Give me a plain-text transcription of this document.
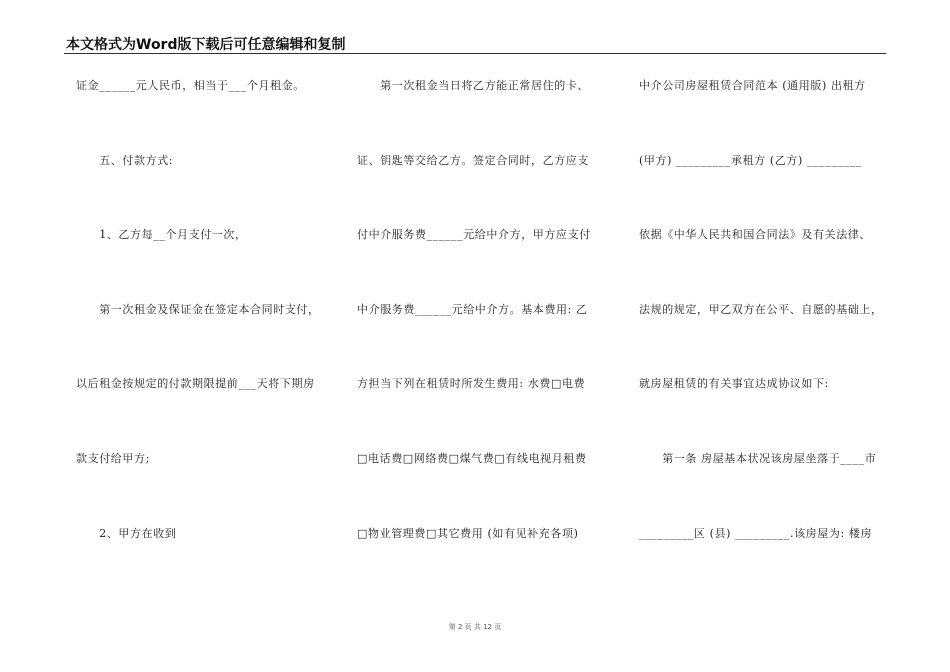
本文格式为Word版下载后可任意编辑和复制
证金______元人民币，相当于___个月租金。
　　五、付款方式:
　　1、乙方每__个月支付一次，
　　第一次租金及保证金在签定本合同时支付，
以后租金按规定的付款期限提前___天将下期房
款支付给甲方;
　　2、甲方在收到
　　第一次租金当日将乙方能正常居住的卡、
证、钥匙等交给乙方。签定合同时，乙方应支
付中介服务费______元给中介方，甲方应支付
中介服务费______元给中介方。基本费用: 乙
方担当下列在租赁时所发生费用: 水费□电费
□电话费□网络费□煤气费□有线电视月租费
□物业管理费□其它费用 (如有见补充各项)
中介公司房屋租赁合同范本 (通用版) 出租方
(甲方) _________承租方 (乙方) _________
依据《中华人民共和国合同法》及有关法律、
法规的规定，甲乙双方在公平、自愿的基础上，
就房屋租赁的有关事宜达成协议如下:
　　第一条 房屋基本状况该房屋坐落于____市
_________区 (县) _________.该房屋为: 楼房
第 2 页 共 12 页
